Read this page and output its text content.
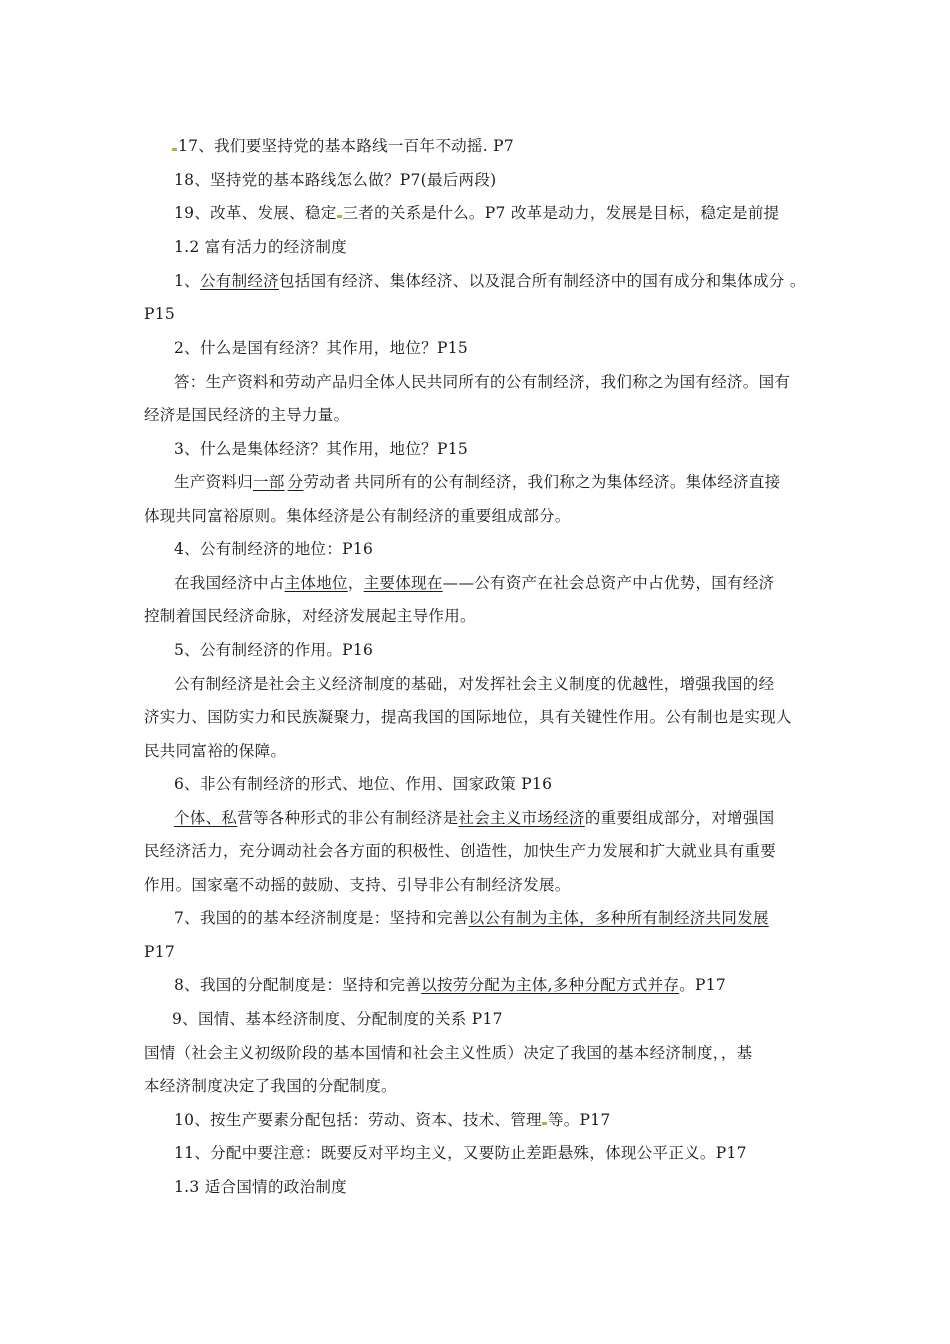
17、我们要坚持党的基本路线一百年不动摇. P7
18、坚持党的基本路线怎么做？P7(最后两段)
19、改革、发展、稳定 三者的关系是什么。P7 改革是动力，发展是目标，稳定是前提
1.2 富有活力的经济制度
1、公有制经济包括国有经济、集体经济、以及混合所有制经济中的国有成分和集体成分 。
P15
2、什么是国有经济？其作用，地位？P15
答：生产资料和劳动产品归全体人民共同所有的公有制经济，我们称之为国有经济。国有
经济是国民经济的主导力量。
3、什么是集体经济？其作用，地位？P15
生产资料归一部 分劳动者 共同所有的公有制经济，我们称之为集体经济。集体经济直接
体现共同富裕原则。集体经济是公有制经济的重要组成部分。
4、公有制经济的地位：P16
在我国经济中占主体地位，主要体现在——公有资产在社会总资产中占优势，国有经济
控制着国民经济命脉，对经济发展起主导作用。
5、公有制经济的作用。P16
公有制经济是社会主义经济制度的基础，对发挥社会主义制度的优越性，增强我国的经
济实力、国防实力和民族凝聚力，提高我国的国际地位，具有关键性作用。公有制也是实现人
民共同富裕的保障。
6、非公有制经济的形式、地位、作用、国家政策 P16
个体、私营等各种形式的非公有制经济是社会主义市场经济的重要组成部分，对增强国
民经济活力，充分调动社会各方面的积极性、创造性，加快生产力发展和扩大就业具有重要
作用。国家毫不动摇的鼓励、支持、引导非公有制经济发展。
7、我国的的基本经济制度是：坚持和完善以公有制为主体，多种所有制经济共同发展
P17
8、我国的分配制度是：坚持和完善以按劳分配为主体,多种分配方式并存。P17
9、国情、基本经济制度、分配制度的关系 P17
国情（社会主义初级阶段的基本国情和社会主义性质）决定了我国的基本经济制度，，基
本经济制度决定了我国的分配制度。
10、按生产要素分配包括：劳动、资本、技术、管理 等。P17
11、分配中要注意：既要反对平均主义，又要防止差距悬殊，体现公平正义。P17
1.3 适合国情的政治制度
